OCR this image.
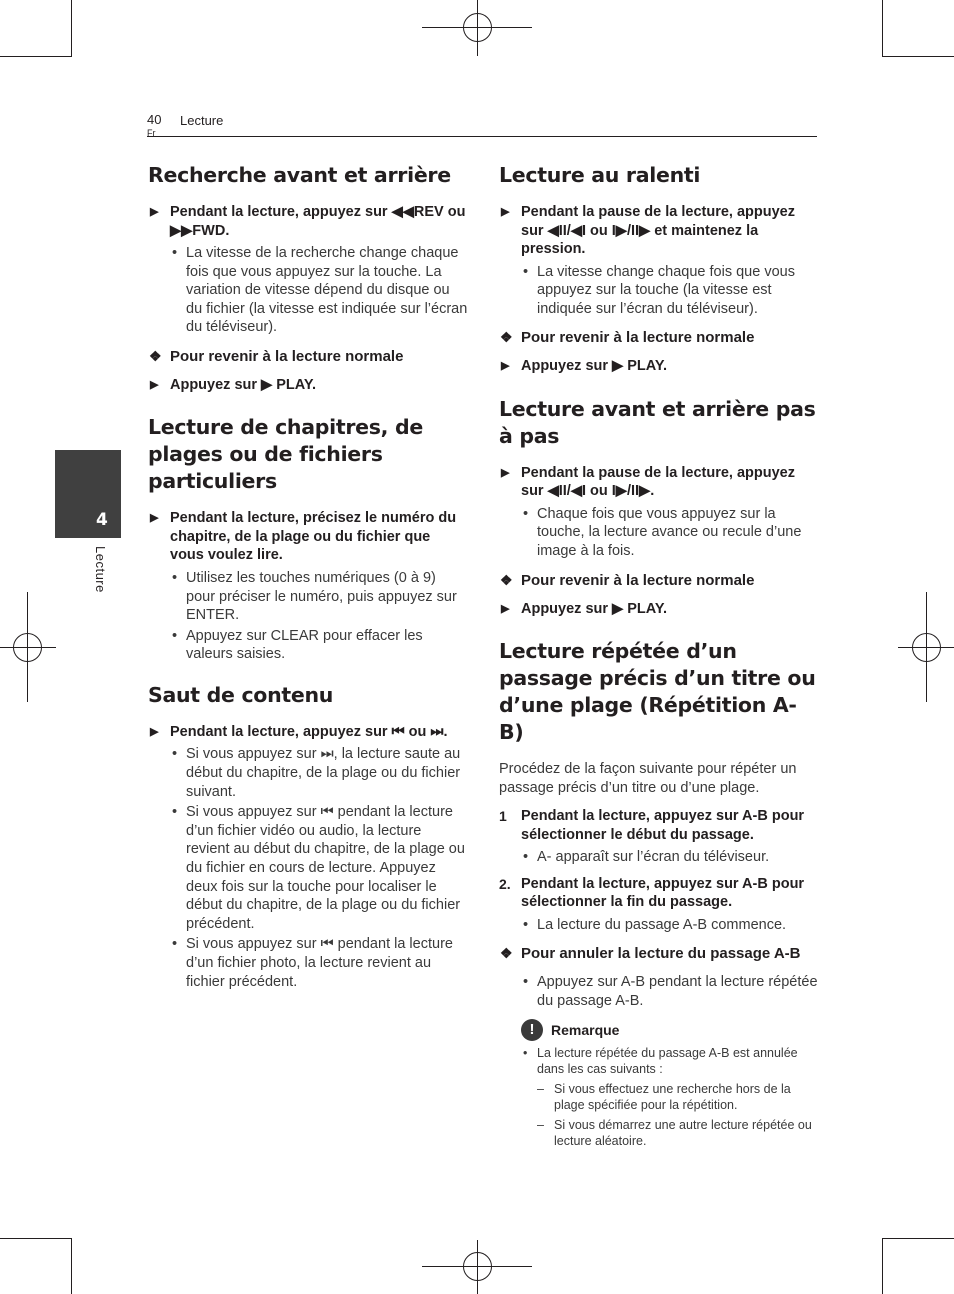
40
Fr
Lecture
4
Lecture
Recherche avant et arrière
▶ Pendant la lecture, appuyez sur ◀◀REV ou ▶▶FWD.
• La vitesse de la recherche change chaque fois que vous appuyez sur la touche. La variation de vitesse dépend du disque ou du fichier (la vitesse est indiquée sur l’écran du téléviseur).
❖ Pour revenir à la lecture normale
▶ Appuyez sur ▶ PLAY.
Lecture de chapitres, de plages ou de fichiers particuliers
▶ Pendant la lecture, précisez le numéro du chapitre, de la plage ou du fichier que vous voulez lire.
• Utilisez les touches numériques (0 à 9) pour préciser le numéro, puis appuyez sur ENTER.
• Appuyez sur CLEAR pour effacer les valeurs saisies.
Saut de contenu
▶ Pendant la lecture, appuyez sur ⏮ ou ⏭.
• Si vous appuyez sur ⏭, la lecture saute au début du chapitre, de la plage ou du fichier suivant.
• Si vous appuyez sur ⏮ pendant la lecture d’un fichier vidéo ou audio, la lecture revient au début du chapitre, de la plage ou du fichier en cours de lecture. Appuyez deux fois sur la touche pour localiser le début du chapitre, de la plage ou du fichier précédent.
• Si vous appuyez sur ⏮ pendant la lecture d’un fichier photo, la lecture revient au fichier précédent.
Lecture au ralenti
▶ Pendant la pause de la lecture, appuyez sur ◀II/◀I ou I▶/II▶ et maintenez la pression.
• La vitesse change chaque fois que vous appuyez sur la touche (la vitesse est indiquée sur l’écran du téléviseur).
❖ Pour revenir à la lecture normale
▶ Appuyez sur ▶ PLAY.
Lecture avant et arrière pas à pas
▶ Pendant la pause de la lecture, appuyez sur ◀II/◀I ou I▶/II▶.
• Chaque fois que vous appuyez sur la touche, la lecture avance ou recule d’une image à la fois.
❖ Pour revenir à la lecture normale
▶ Appuyez sur ▶ PLAY.
Lecture répétée d’un passage précis d’un titre ou d’une plage (Répétition A-B)
Procédez de la façon suivante pour répéter un passage précis d’un titre ou d’une plage.
1 Pendant la lecture, appuyez sur A-B pour sélectionner le début du passage.
• A- apparaît sur l’écran du téléviseur.
2. Pendant la lecture, appuyez sur A-B pour sélectionner la fin du passage.
• La lecture du passage A-B commence.
❖ Pour annuler la lecture du passage A-B
• Appuyez sur A-B pendant la lecture répétée du passage A-B.
!	Remarque
• La lecture répétée du passage A-B est annulée dans les cas suivants :
– Si vous effectuez une recherche hors de la plage spécifiée pour la répétition.
– Si vous démarrez une autre lecture répétée ou lecture aléatoire.
